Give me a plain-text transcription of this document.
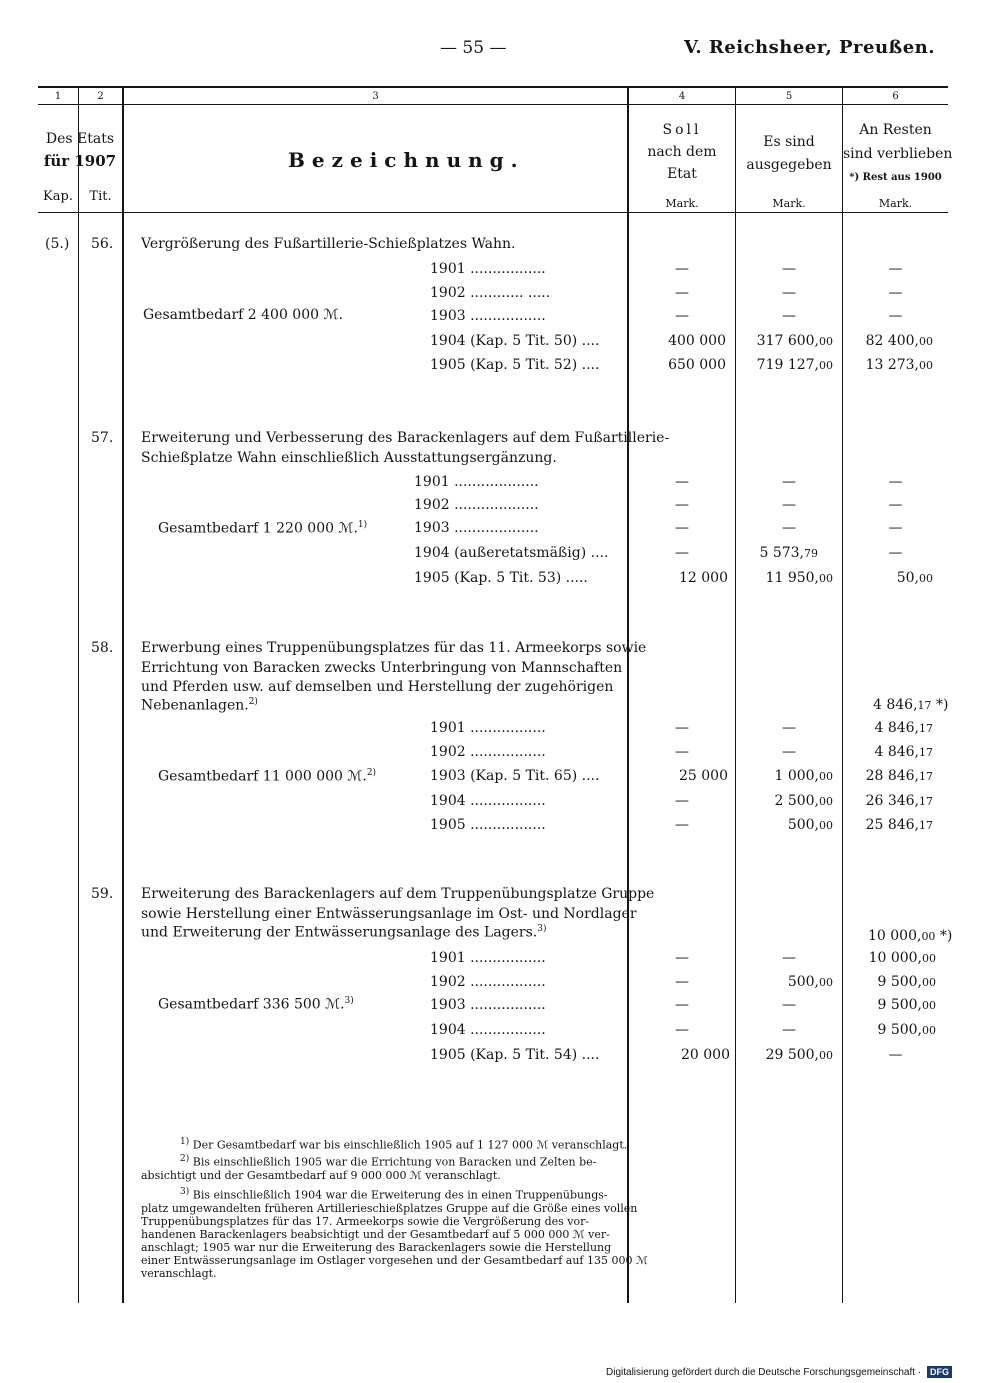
— 55 —	V. Reichsheer, Preußen.
1	2	3	4	5	6
Des Etats
für 1907
Kap.	Tit.
Bezeichnung.
Soll
nach dem
Etat
Es sind
ausgegeben
An Resten
sind verblieben
*) Rest aus 1900
Mark.	Mark.	Mark.
(5.) 56. Vergrößerung des Fußartillerie-Schießplatzes Wahn.
Gesamtbedarf 2 400 000 ℳ.
1901 .................	—	—	—
1902 ............ .....	—	—	—
1903 .................	—	—	—
1904 (Kap. 5 Tit. 50) ....	400 000	317 600,00	82 400,00
1905 (Kap. 5 Tit. 52) ....	650 000	719 127,00	13 273,00
57. Erweiterung und Verbesserung des Barackenlagers auf dem Fußartillerie-
Schießplatze Wahn einschließlich Ausstattungsergänzung.
Gesamtbedarf 1 220 000 ℳ.$^{1)}$
1901 ...................	—	—	—
1902 ...................	—	—	—
1903 ...................	—	—	—
1904 (außeretatsmäßig) ....	—	5 573,79	—
1905 (Kap. 5 Tit. 53) .....	12 000	11 950,00	50,00
58. Erwerbung eines Truppenübungsplatzes für das 11. Armeekorps sowie
Errichtung von Baracken zwecks Unterbringung von Mannschaften
und Pferden usw. auf demselben und Herstellung der zugehörigen
Nebenanlagen.$^{2)}$	4 846,17 *)
Gesamtbedarf 11 000 000 ℳ.$^{2)}$
1901 .................	—	—	4 846,17
1902 .................	—	—	4 846,17
1903 (Kap. 5 Tit. 65) ....	25 000	1 000,00	28 846,17
1904 .................	—	2 500,00	26 346,17
1905 .................	—	500,00	25 846,17
59. Erweiterung des Barackenlagers auf dem Truppenübungsplatze Gruppe
sowie Herstellung einer Entwässerungsanlage im Ost- und Nordlager
und Erweiterung der Entwässerungsanlage des Lagers.$^{3)}$	10 000,00 *)
Gesamtbedarf 336 500 ℳ.$^{3)}$
1901 .................	—	—	10 000,00
1902 .................	—	500,00	9 500,00
1903 .................	—	—	9 500,00
1904 .................	—	—	9 500,00
1905 (Kap. 5 Tit. 54) ....	20 000	29 500,00	—
$^{1)}$ Der Gesamtbedarf war bis einschließlich 1905 auf 1 127 000 ℳ veranschlagt.
$^{2)}$ Bis einschließlich 1905 war die Errichtung von Baracken und Zelten be-
absichtigt und der Gesamtbedarf auf 9 000 000 ℳ veranschlagt.
$^{3)}$ Bis einschließlich 1904 war die Erweiterung des in einen Truppenübungs-
platz umgewandelten früheren Artillerieschießplatzes Gruppe auf die Größe eines vollen
Truppenübungsplatzes für das 17. Armeekorps sowie die Vergrößerung des vor-
handenen Barackenlagers beabsichtigt und der Gesamtbedarf auf 5 000 000 ℳ ver-
anschlagt; 1905 war nur die Erweiterung des Barackenlagers sowie die Herstellung
einer Entwässerungsanlage im Ostlager vorgesehen und der Gesamtbedarf auf 135 000 ℳ
veranschlagt.
Digitalisierung gefördert durch die Deutsche Forschungsgemeinschaft · DFG
